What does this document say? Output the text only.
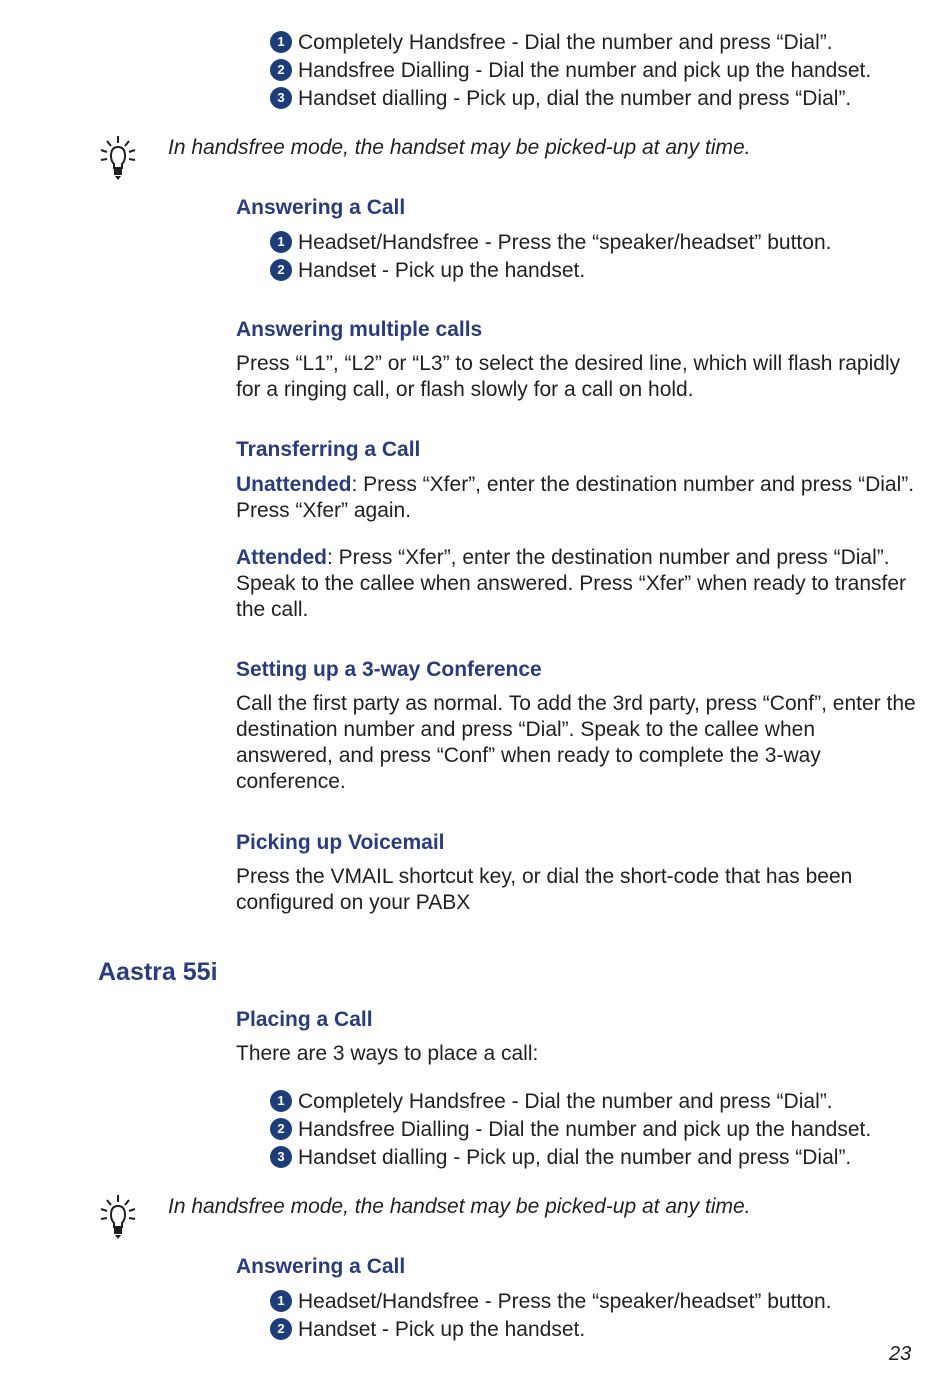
1 Completely Handsfree - Dial the number and press “Dial”.
2 Handsfree Dialling - Dial the number and pick up the handset.
3 Handset dialling - Pick up, dial the number and press “Dial”.
In handsfree mode, the handset may be picked-up at any time.
Answering a Call
1 Headset/Handsfree - Press the “speaker/headset” button.
2 Handset - Pick up the handset.
Answering multiple calls
Press “L1”, “L2” or “L3” to select the desired line, which will flash rapidly for a ringing call, or flash slowly for a call on hold.
Transferring a Call
Unattended: Press “Xfer”, enter the destination number and press “Dial”. Press “Xfer” again.
Attended: Press “Xfer”, enter the destination number and press “Dial”. Speak to the callee when answered. Press “Xfer” when ready to transfer the call.
Setting up a 3-way Conference
Call the first party as normal. To add the 3rd party, press “Conf”, enter the destination number and press “Dial”. Speak to the callee when answered, and press “Conf” when ready to complete the 3-way conference.
Picking up Voicemail
Press the VMAIL shortcut key, or dial the short-code that has been configured on your PABX
Aastra 55i
Placing a Call
There are 3 ways to place a call:
1 Completely Handsfree - Dial the number and press “Dial”.
2 Handsfree Dialling - Dial the number and pick up the handset.
3 Handset dialling - Pick up, dial the number and press “Dial”.
In handsfree mode, the handset may be picked-up at any time.
Answering a Call
1 Headset/Handsfree - Press the “speaker/headset” button.
2 Handset - Pick up the handset.
23
